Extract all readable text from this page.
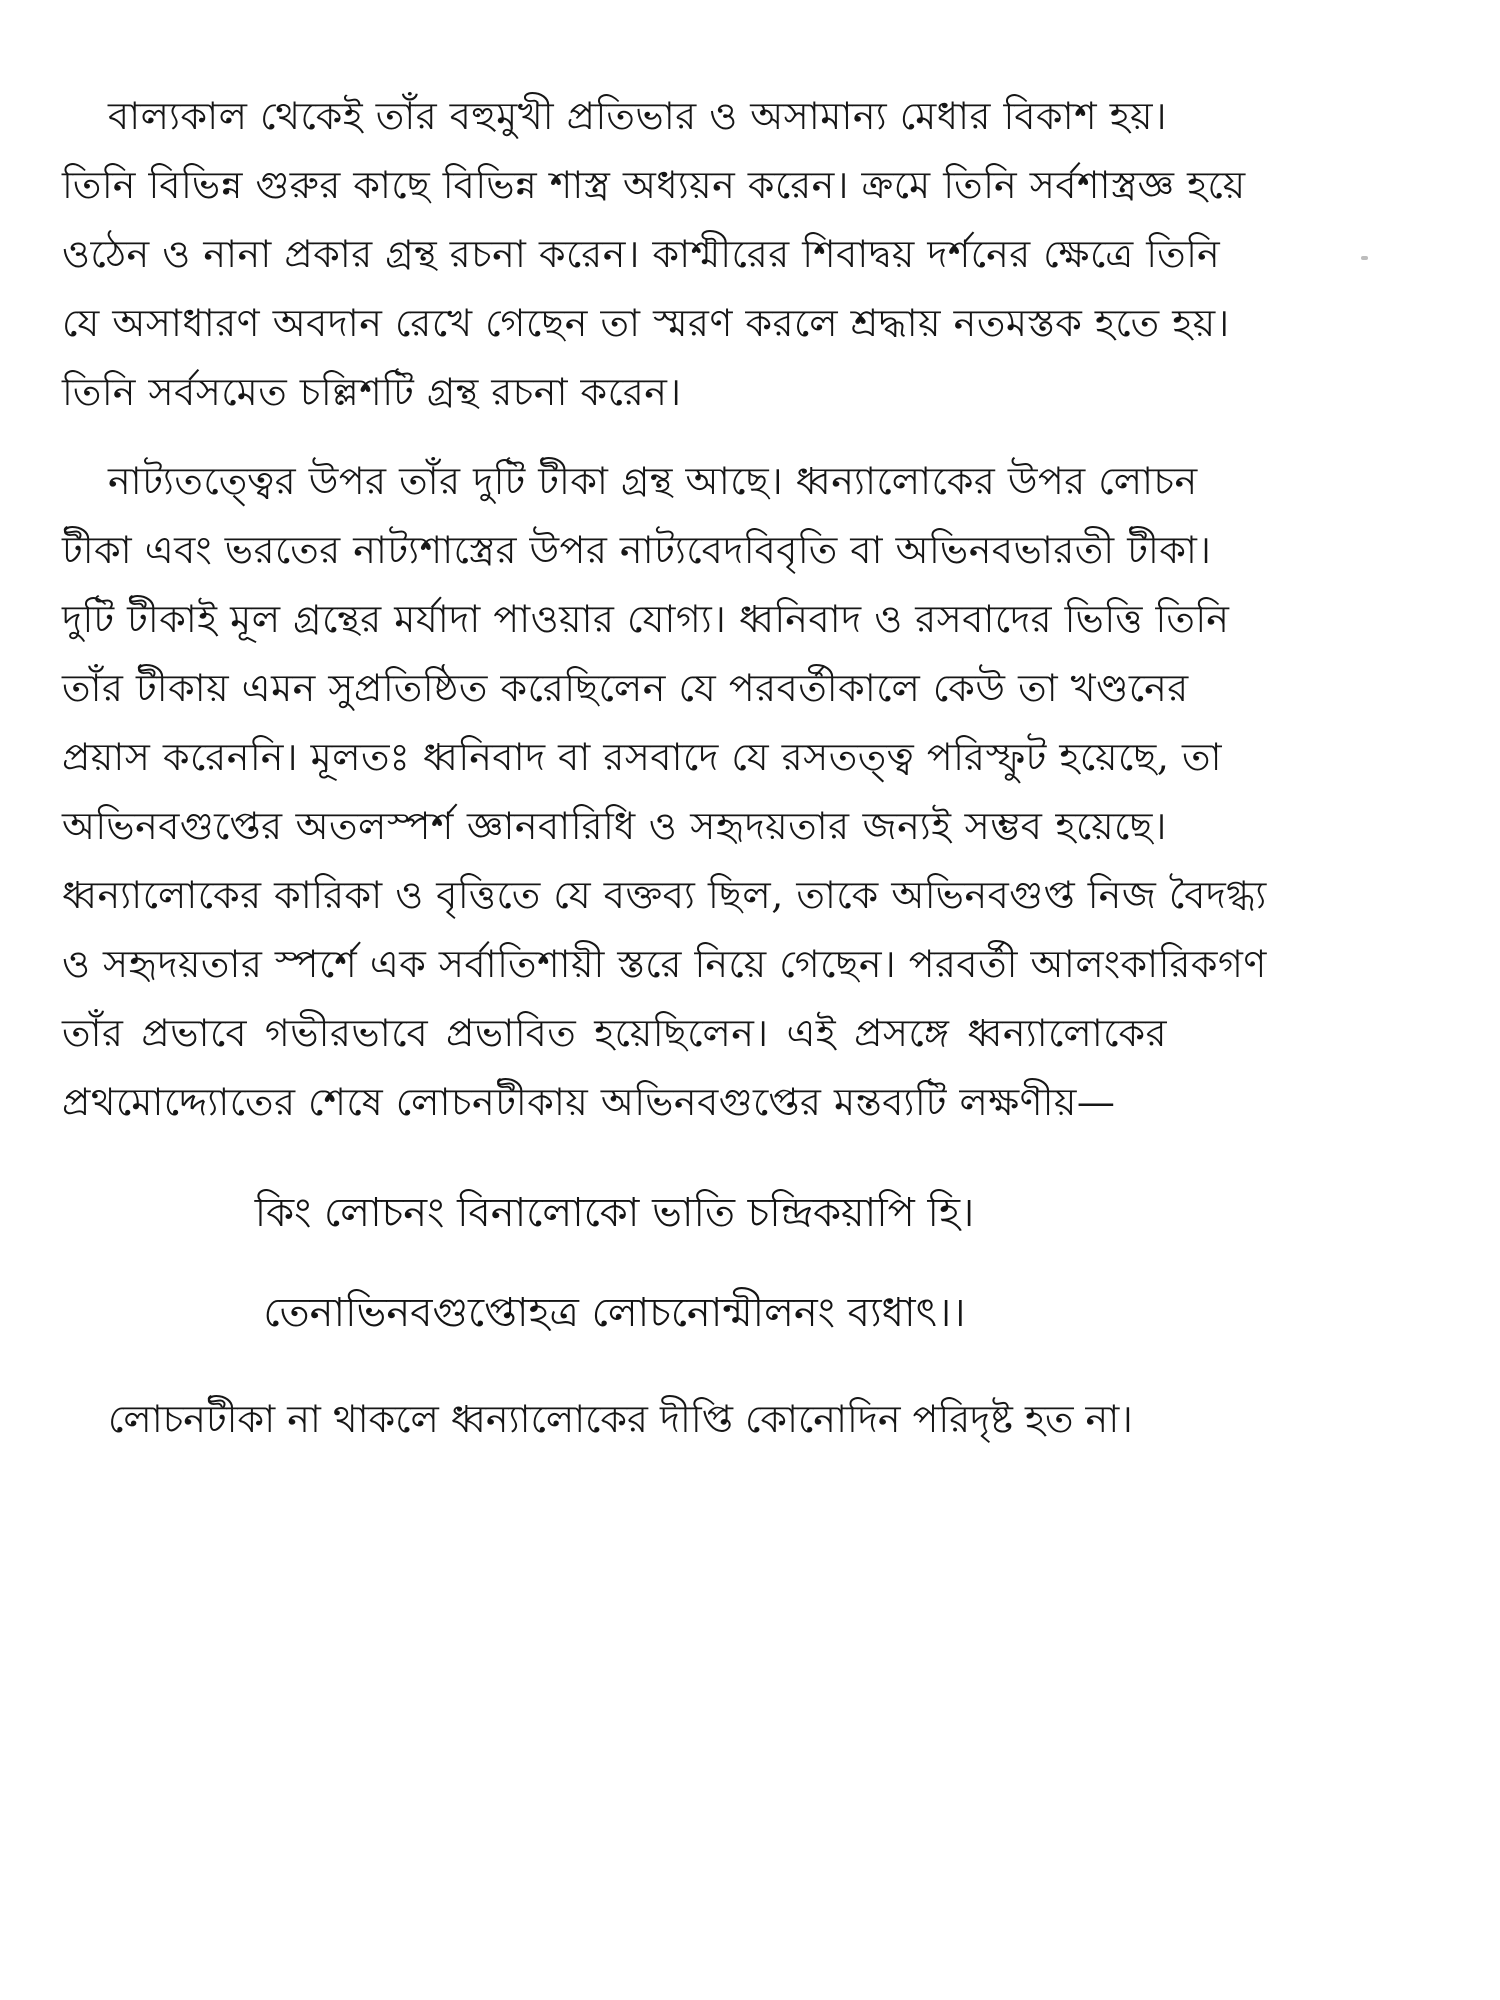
বাল্যকাল থেকেই তাঁর বহুমুখী প্রতিভার ও অসামান্য মেধার বিকাশ হয়।
তিনি বিভিন্ন গুরুর কাছে বিভিন্ন শাস্ত্র অধ্যয়ন করেন। ক্রমে তিনি সর্বশাস্ত্রজ্ঞ হয়ে
ওঠেন ও নানা প্রকার গ্রন্থ রচনা করেন। কাশ্মীরের শিবাদ্বয় দর্শনের ক্ষেত্রে তিনি
যে অসাধারণ অবদান রেখে গেছেন তা স্মরণ করলে শ্রদ্ধায় নতমস্তক হতে হয়।
তিনি সর্বসমেত চল্লিশটি গ্রন্থ রচনা করেন।
নাট্যতত্ত্বের উপর তাঁর দুটি টীকা গ্রন্থ আছে। ধ্বন্যালোকের উপর লোচন
টীকা এবং ভরতের নাট্যশাস্ত্রের উপর নাট্যবেদবিবৃতি বা অভিনবভারতী টীকা।
দুটি টীকাই মূল গ্রন্থের মর্যাদা পাওয়ার যোগ্য। ধ্বনিবাদ ও রসবাদের ভিত্তি তিনি
তাঁর টীকায় এমন সুপ্রতিষ্ঠিত করেছিলেন যে পরবর্তীকালে কেউ তা খণ্ডনের
প্রয়াস করেননি। মূলতঃ ধ্বনিবাদ বা রসবাদে যে রসতত্ত্ব পরিস্ফুট হয়েছে, তা
অভিনবগুপ্তের অতলস্পর্শ জ্ঞানবারিধি ও সহৃদয়তার জন্যই সম্ভব হয়েছে।
ধ্বন্যালোকের কারিকা ও বৃত্তিতে যে বক্তব্য ছিল, তাকে অভিনবগুপ্ত নিজ বৈদগ্ধ্য
ও সহৃদয়তার স্পর্শে এক সর্বাতিশায়ী স্তরে নিয়ে গেছেন। পরবর্তী আলংকারিকগণ
তাঁর প্রভাবে গভীরভাবে প্রভাবিত হয়েছিলেন। এই প্রসঙ্গে ধ্বন্যালোকের
প্রথমোদ্দ্যোতের শেষে লোচনটীকায় অভিনবগুপ্তের মন্তব্যটি লক্ষণীয়—
কিং লোচনং বিনালোকো ভাতি চন্দ্রিকয়াপি হি।
তেনাভিনবগুপ্তোহত্র লোচনোন্মীলনং ব্যধাৎ।।
লোচনটীকা না থাকলে ধ্বন্যালোকের দীপ্তি কোনোদিন পরিদৃষ্ট হত না।
